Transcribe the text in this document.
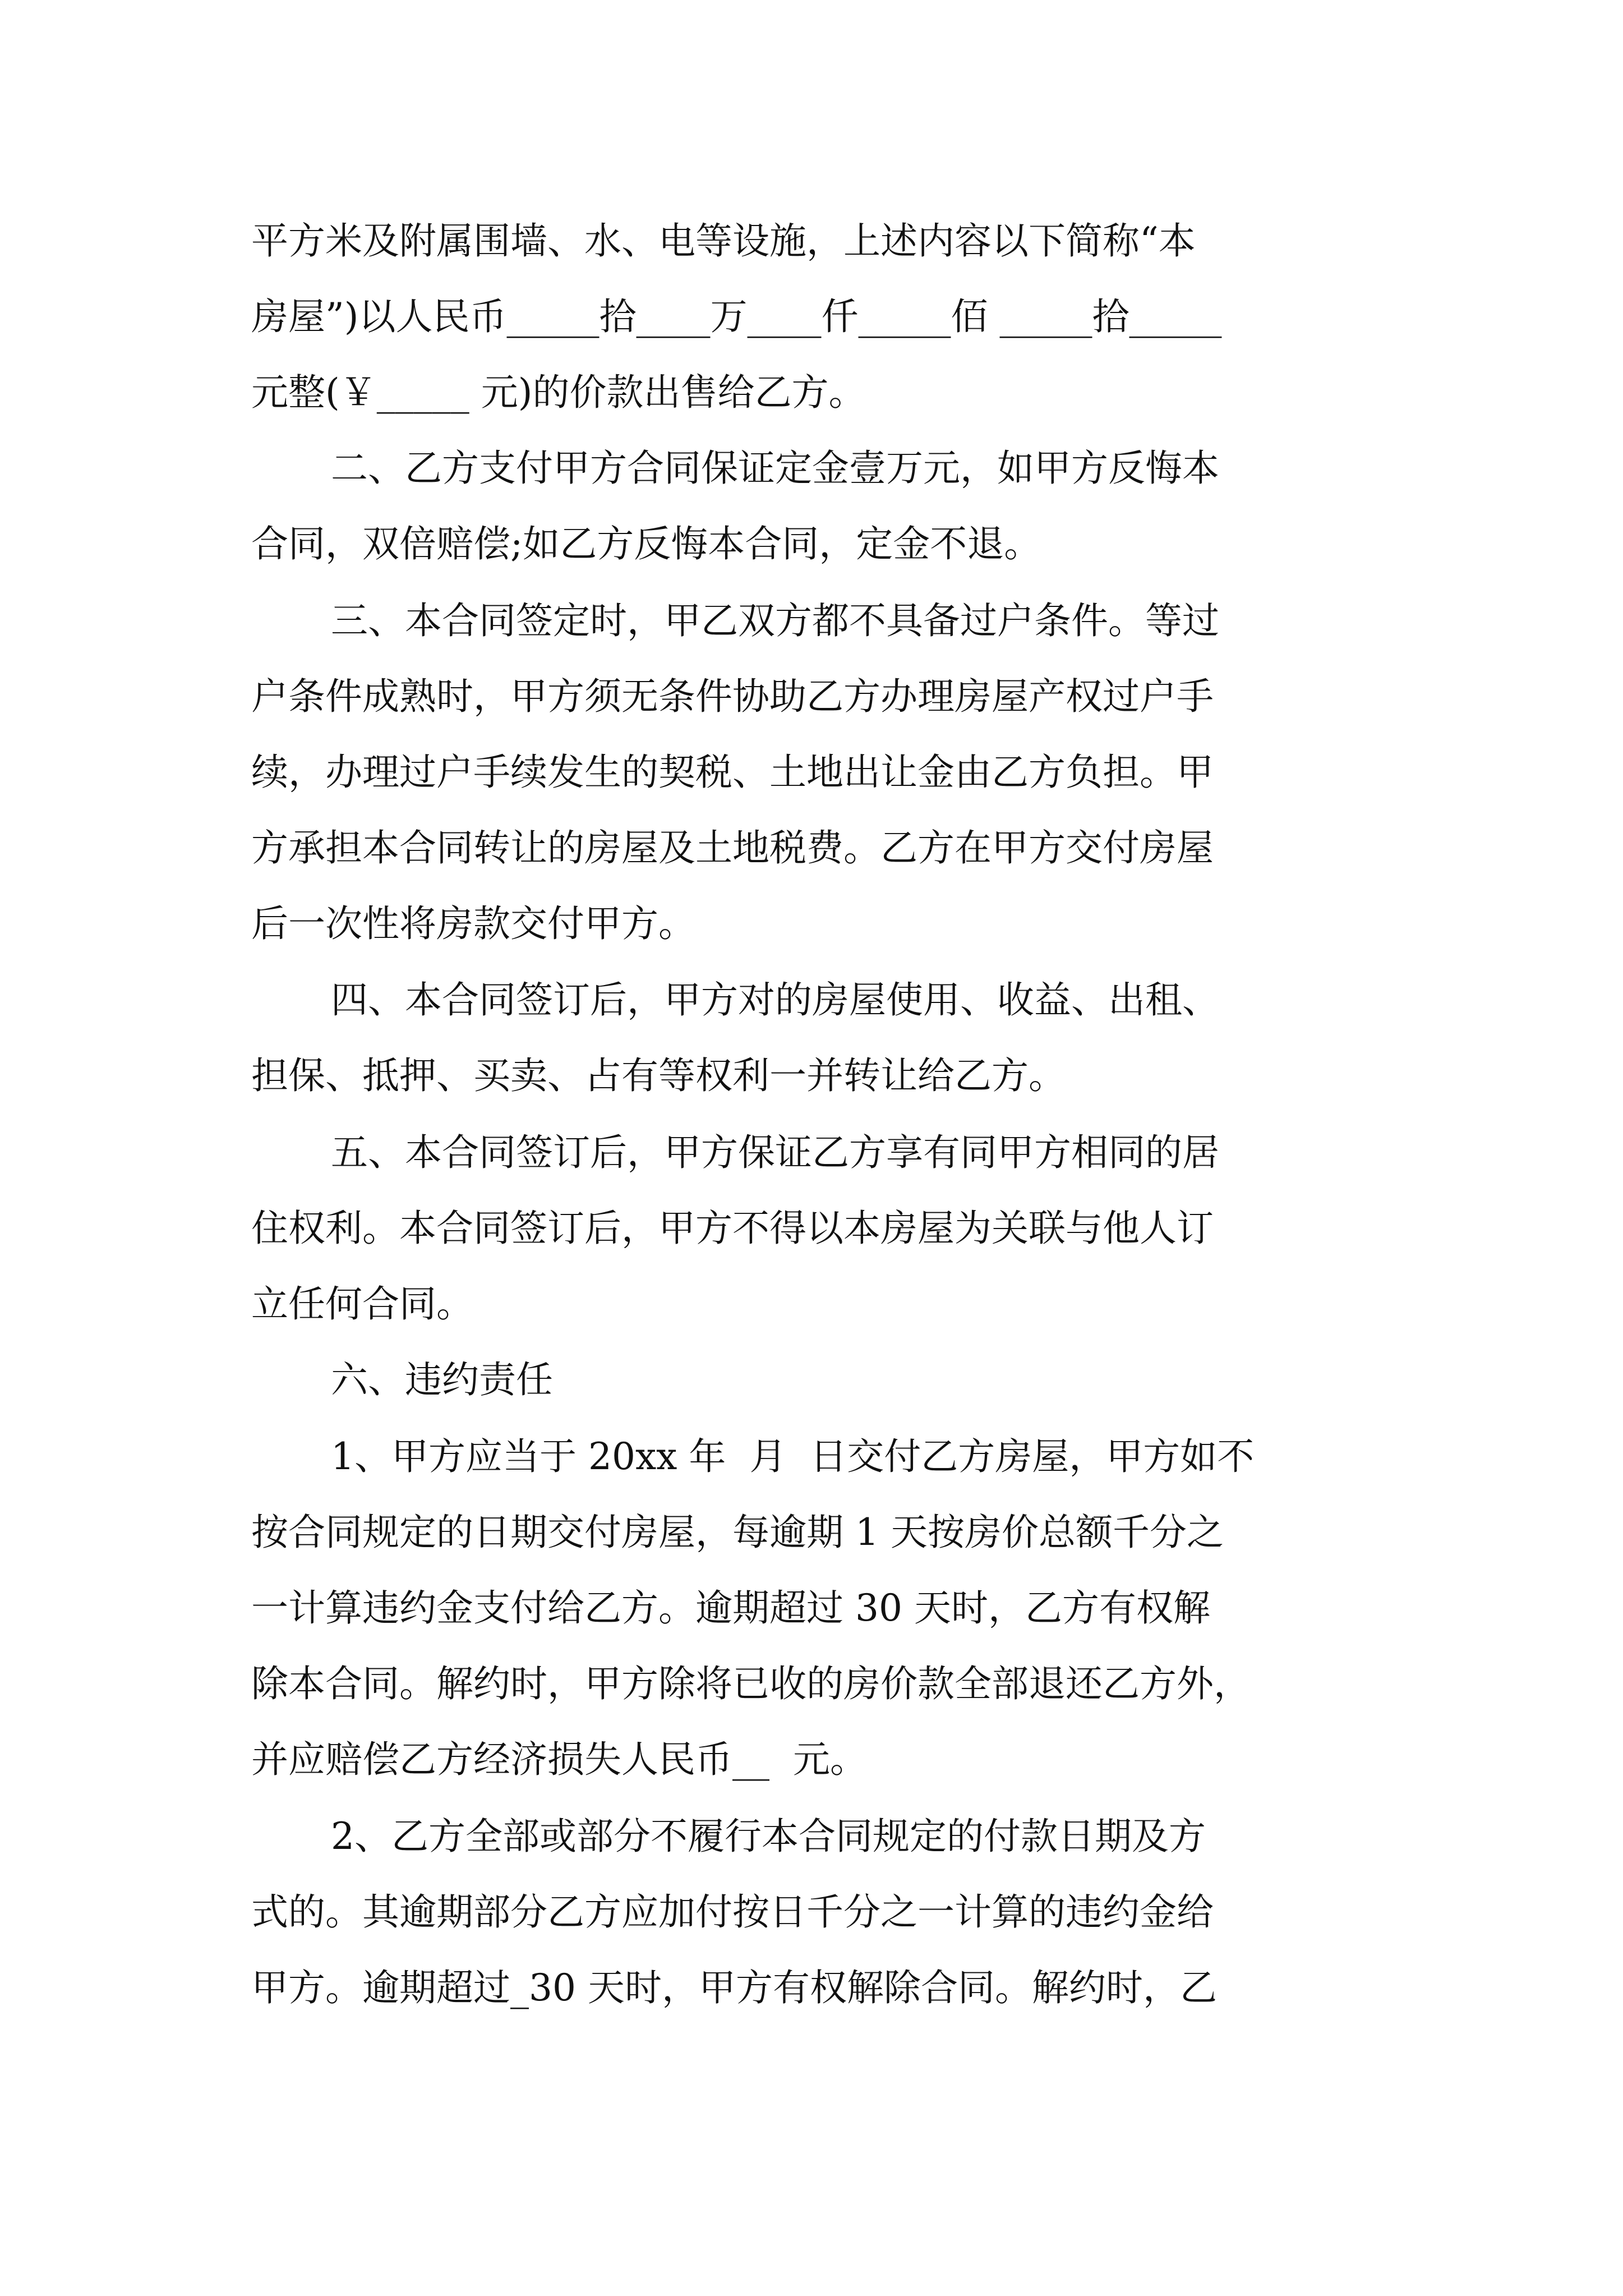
平方米及附属围墙、水、电等设施，上述内容以下简称“本
房屋”)以人民币_____拾____万____仟_____佰 _____拾_____
元整(￥_____ 元)的价款出售给乙方。
二、乙方支付甲方合同保证定金壹万元，如甲方反悔本
合同，双倍赔偿;如乙方反悔本合同，定金不退。
三、本合同签定时，甲乙双方都不具备过户条件。等过
户条件成熟时，甲方须无条件协助乙方办理房屋产权过户手
续，办理过户手续发生的契税、土地出让金由乙方负担。甲
方承担本合同转让的房屋及土地税费。乙方在甲方交付房屋
后一次性将房款交付甲方。
四、本合同签订后，甲方对的房屋使用、收益、出租、
担保、抵押、买卖、占有等权利一并转让给乙方。
五、本合同签订后，甲方保证乙方享有同甲方相同的居
住权利。本合同签订后，甲方不得以本房屋为关联与他人订
立任何合同。
六、违约责任
1、甲方应当于 20xx 年  月  日交付乙方房屋，甲方如不
按合同规定的日期交付房屋，每逾期 1 天按房价总额千分之
一计算违约金支付给乙方。逾期超过 30 天时，乙方有权解
除本合同。解约时，甲方除将已收的房价款全部退还乙方外，
并应赔偿乙方经济损失人民币__  元。
2、乙方全部或部分不履行本合同规定的付款日期及方
式的。其逾期部分乙方应加付按日千分之一计算的违约金给
甲方。逾期超过_30 天时，甲方有权解除合同。解约时，乙
